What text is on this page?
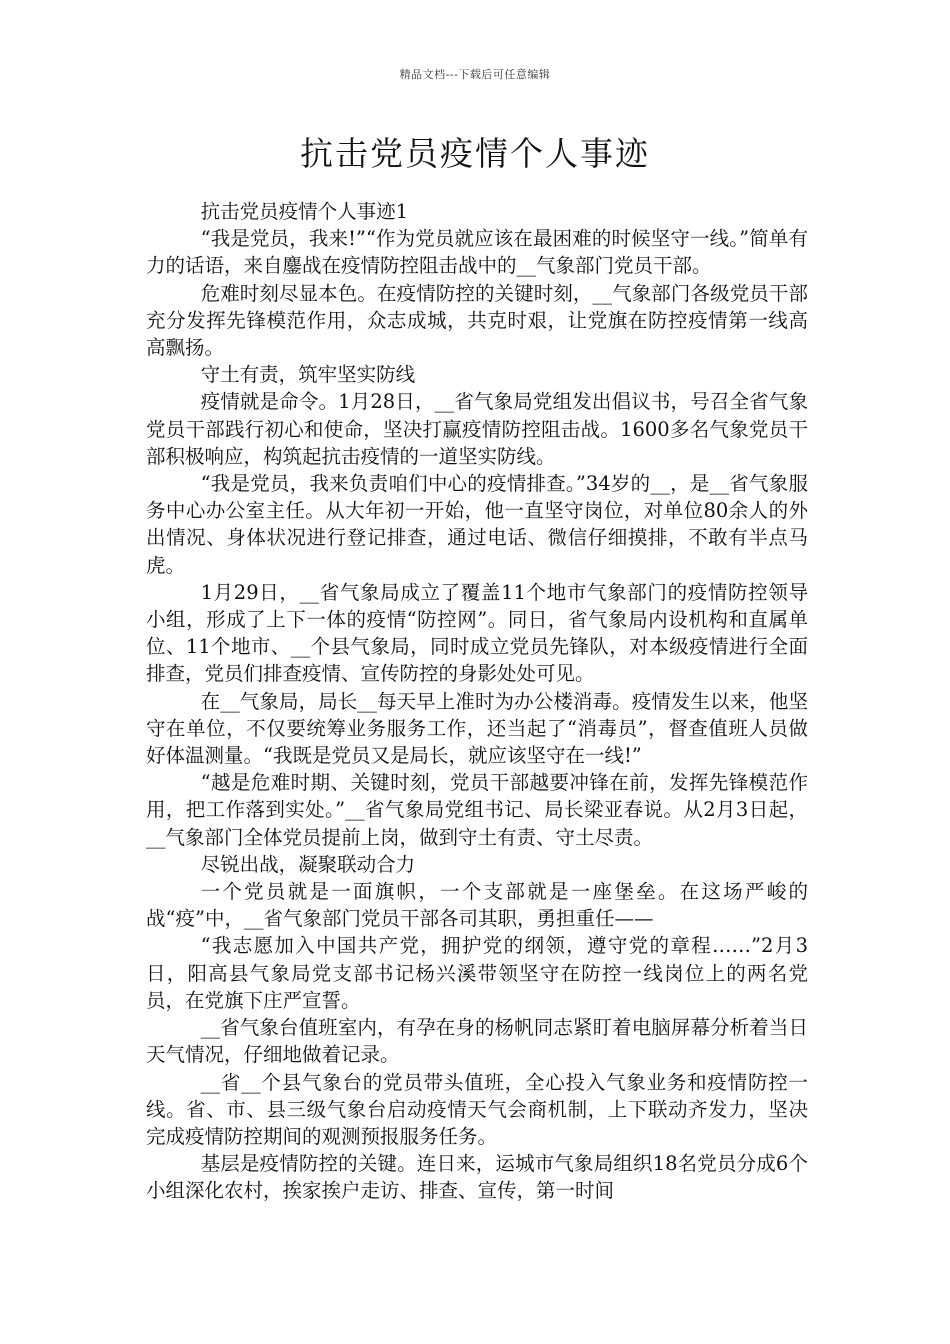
精品文档---下载后可任意编辑
抗击党员疫情个人事迹

抗击党员疫情个人事迹1

“我是党员，我来!”“作为党员就应该在最困难的时候坚守一线。”简单有力的话语，来自鏖战在疫情防控阻击战中的__气象部门党员干部。

危难时刻尽显本色。在疫情防控的关键时刻，__气象部门各级党员干部充分发挥先锋模范作用，众志成城，共克时艰，让党旗在防控疫情第一线高高飘扬。

守土有责，筑牢坚实防线

疫情就是命令。1月28日，__省气象局党组发出倡议书，号召全省气象党员干部践行初心和使命，坚决打赢疫情防控阻击战。1600多名气象党员干部积极响应，构筑起抗击疫情的一道坚实防线。

“我是党员，我来负责咱们中心的疫情排查。”34岁的__，是__省气象服务中心办公室主任。从大年初一开始，他一直坚守岗位，对单位80余人的外出情况、身体状况进行登记排查，通过电话、微信仔细摸排，不敢有半点马虎。

1月29日，__省气象局成立了覆盖11个地市气象部门的疫情防控领导小组，形成了上下一体的疫情“防控网”。同日，省气象局内设机构和直属单位、11个地市、__个县气象局，同时成立党员先锋队，对本级疫情进行全面排查，党员们排查疫情、宣传防控的身影处处可见。

在__气象局，局长__每天早上准时为办公楼消毒。疫情发生以来，他坚守在单位，不仅要统筹业务服务工作，还当起了“消毒员”，督查值班人员做好体温测量。“我既是党员又是局长，就应该坚守在一线!”

“越是危难时期、关键时刻，党员干部越要冲锋在前，发挥先锋模范作用，把工作落到实处。”__省气象局党组书记、局长梁亚春说。从2月3日起，__气象部门全体党员提前上岗，做到守土有责、守土尽责。

尽锐出战，凝聚联动合力

一个党员就是一面旗帜，一个支部就是一座堡垒。在这场严峻的战“疫”中，__省气象部门党员干部各司其职，勇担重任——

“我志愿加入中国共产党，拥护党的纲领，遵守党的章程……”2月3日，阳高县气象局党支部书记杨兴溪带领坚守在防控一线岗位上的两名党员，在党旗下庄严宣誓。

__省气象台值班室内，有孕在身的杨帆同志紧盯着电脑屏幕分析着当日天气情况，仔细地做着记录。

__省__个县气象台的党员带头值班，全心投入气象业务和疫情防控一线。省、市、县三级气象台启动疫情天气会商机制，上下联动齐发力，坚决完成疫情防控期间的观测预报服务任务。

基层是疫情防控的关键。连日来，运城市气象局组织18名党员分成6个小组深化农村，挨家挨户走访、排查、宣传，第一时间
